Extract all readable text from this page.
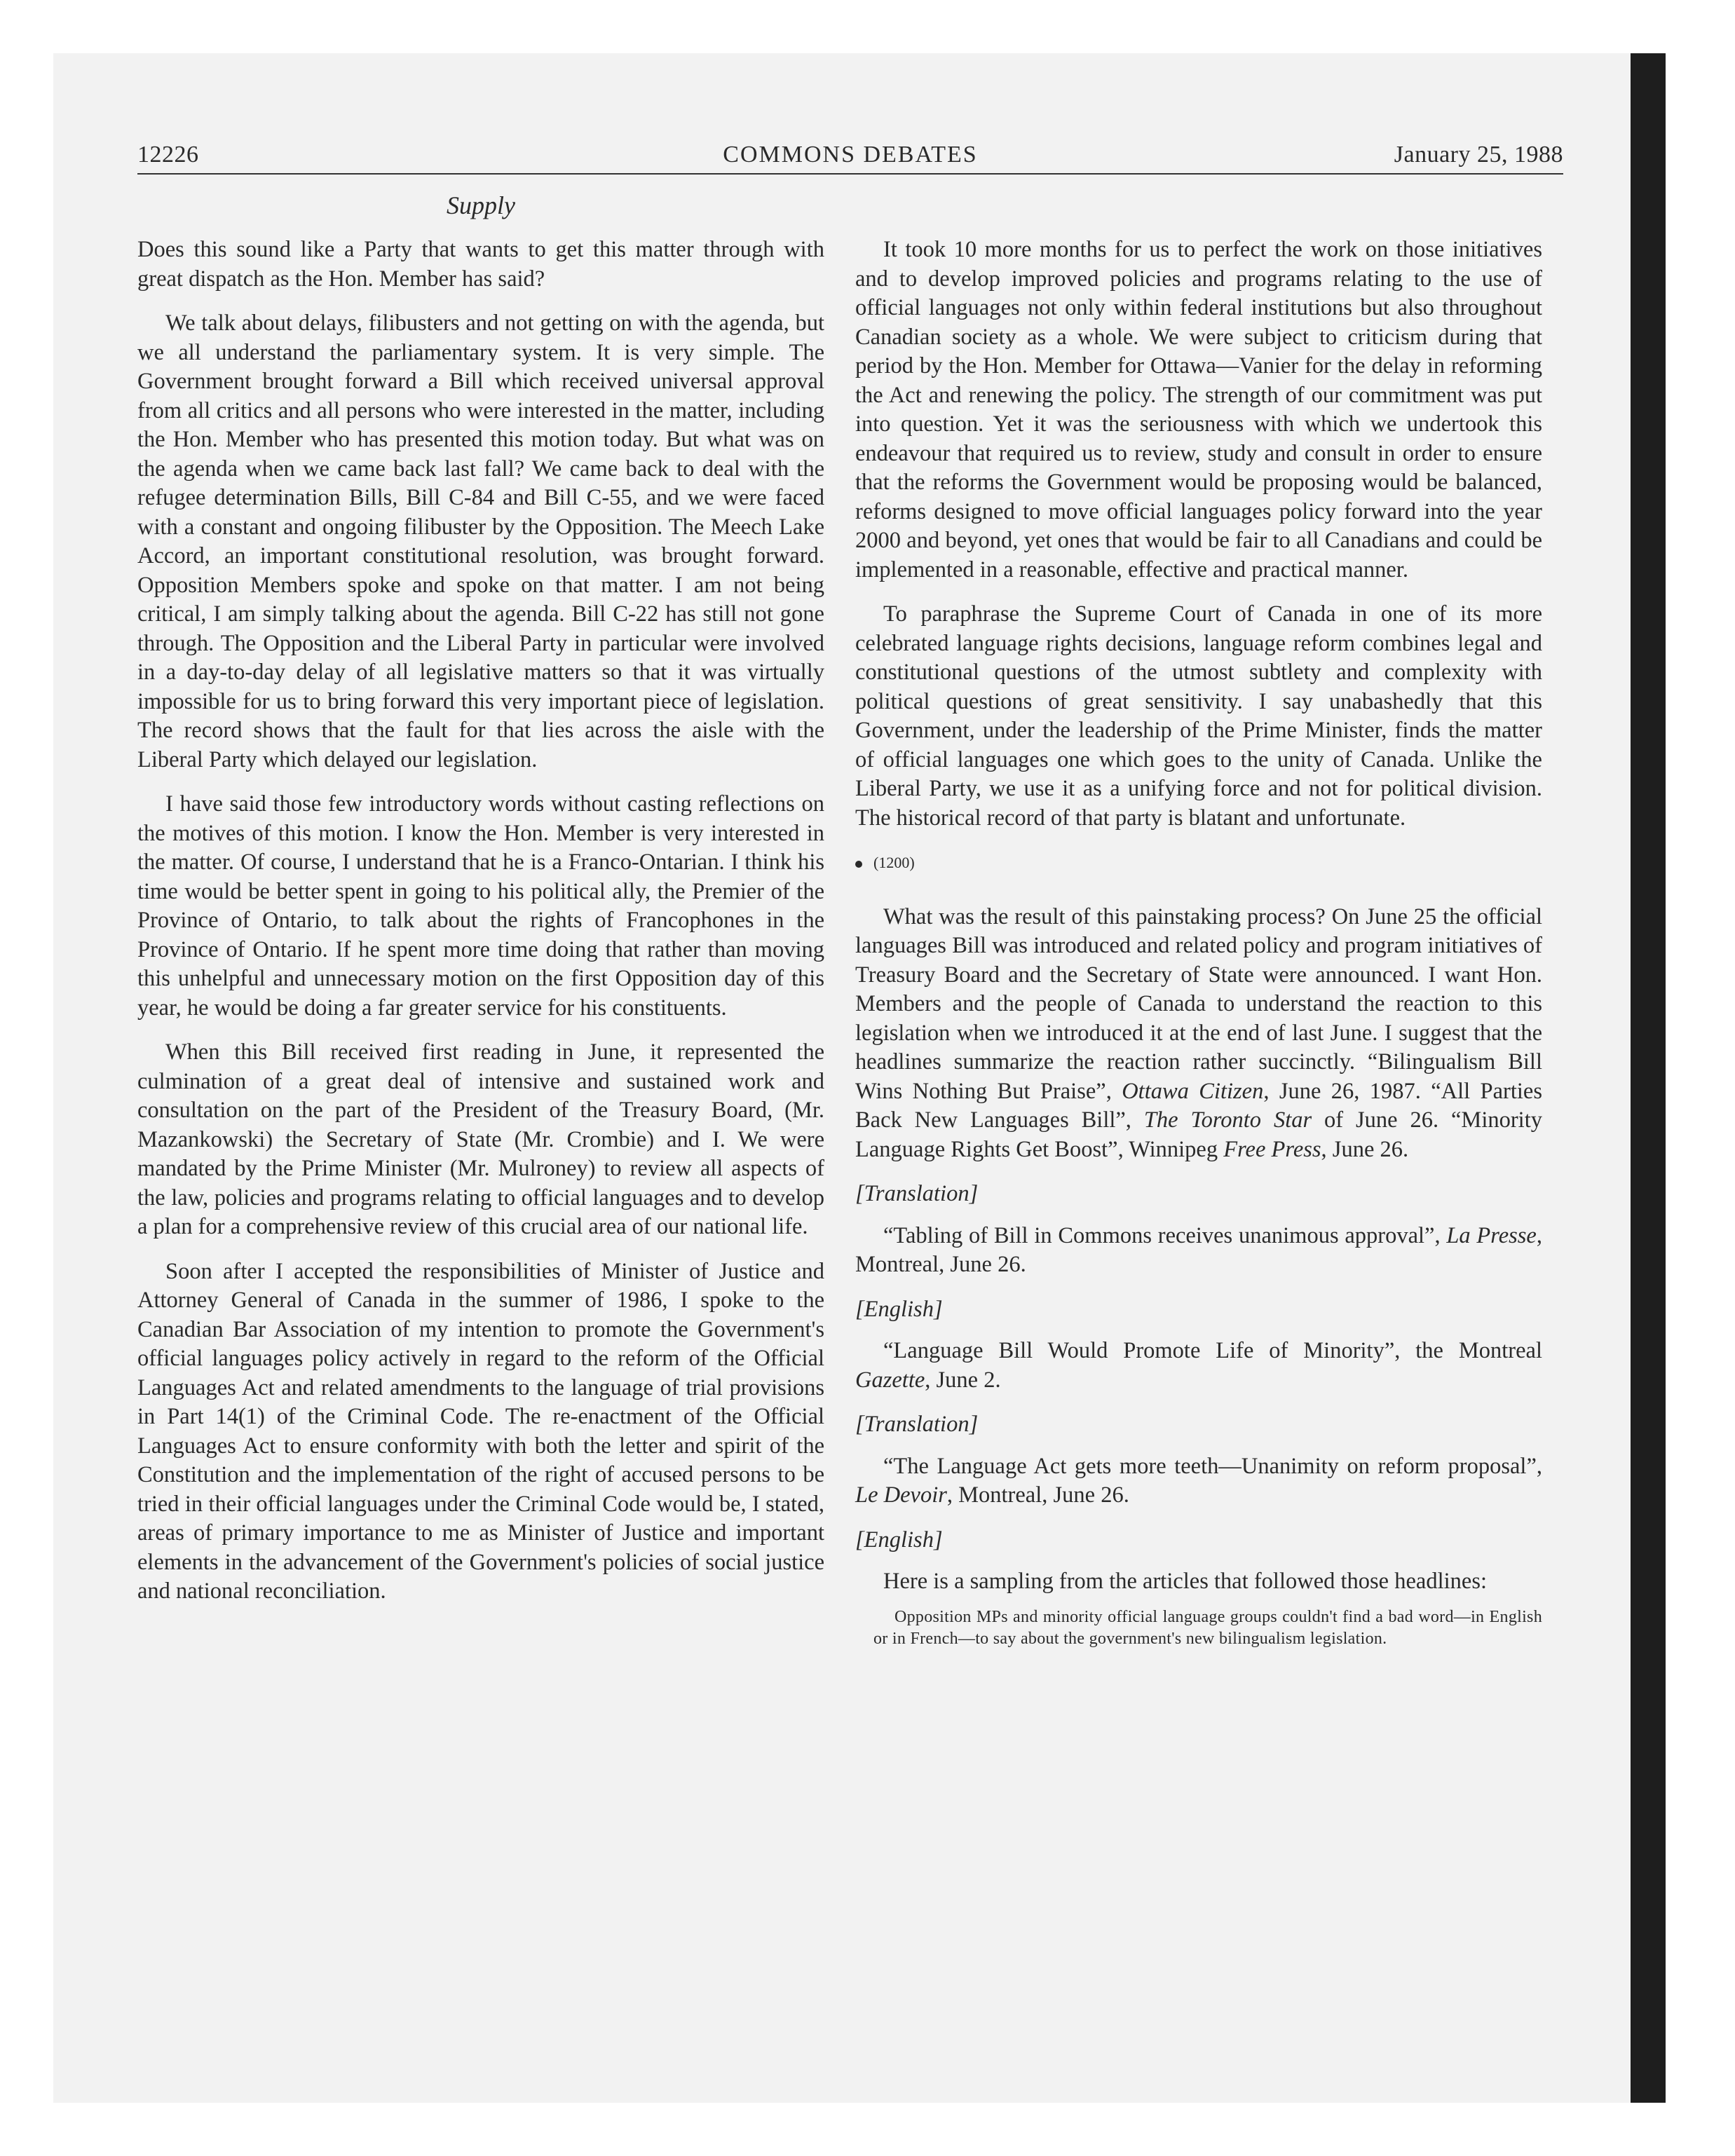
12226	COMMONS DEBATES	January 25, 1988
Supply

Does this sound like a Party that wants to get this matter through with great dispatch as the Hon. Member has said?

We talk about delays, filibusters and not getting on with the agenda, but we all understand the parliamentary system. It is very simple. The Government brought forward a Bill which received universal approval from all critics and all persons who were interested in the matter, including the Hon. Member who has presented this motion today. But what was on the agenda when we came back last fall? We came back to deal with the refugee determination Bills, Bill C-84 and Bill C-55, and we were faced with a constant and ongoing filibuster by the Opposition. The Meech Lake Accord, an important constitutional resolution, was brought forward. Opposition Members spoke and spoke on that matter. I am not being critical, I am simply talking about the agenda. Bill C-22 has still not gone through. The Opposition and the Liberal Party in particular were involved in a day-to-day delay of all legislative matters so that it was virtually impossible for us to bring forward this very important piece of legislation. The record shows that the fault for that lies across the aisle with the Liberal Party which delayed our legislation.

I have said those few introductory words without casting reflections on the motives of this motion. I know the Hon. Member is very interested in the matter. Of course, I understand that he is a Franco-Ontarian. I think his time would be better spent in going to his political ally, the Premier of the Province of Ontario, to talk about the rights of Francophones in the Province of Ontario. If he spent more time doing that rather than moving this unhelpful and unnecessary motion on the first Opposition day of this year, he would be doing a far greater service for his constituents.

When this Bill received first reading in June, it represented the culmination of a great deal of intensive and sustained work and consultation on the part of the President of the Treasury Board, (Mr. Mazankowski) the Secretary of State (Mr. Crombie) and I. We were mandated by the Prime Minister (Mr. Mulroney) to review all aspects of the law, policies and programs relating to official languages and to develop a plan for a comprehensive review of this crucial area of our national life.

Soon after I accepted the responsibilities of Minister of Justice and Attorney General of Canada in the summer of 1986, I spoke to the Canadian Bar Association of my intention to promote the Government's official languages policy actively in regard to the reform of the Official Languages Act and related amendments to the language of trial provisions in Part 14(1) of the Criminal Code. The re-enactment of the Official Languages Act to ensure conformity with both the letter and spirit of the Constitution and the implementation of the right of accused persons to be tried in their official languages under the Criminal Code would be, I stated, areas of primary importance to me as Minister of Justice and important elements in the advancement of the Government's policies of social justice and national reconciliation.

It took 10 more months for us to perfect the work on those initiatives and to develop improved policies and programs relating to the use of official languages not only within federal institutions but also throughout Canadian society as a whole. We were subject to criticism during that period by the Hon. Member for Ottawa—Vanier for the delay in reforming the Act and renewing the policy. The strength of our commitment was put into question. Yet it was the seriousness with which we undertook this endeavour that required us to review, study and consult in order to ensure that the reforms the Government would be proposing would be balanced, reforms designed to move official languages policy forward into the year 2000 and beyond, yet ones that would be fair to all Canadians and could be implemented in a reasonable, effective and practical manner.

To paraphrase the Supreme Court of Canada in one of its more celebrated language rights decisions, language reform combines legal and constitutional questions of the utmost subtlety and complexity with political questions of great sensitivity. I say unabashedly that this Government, under the leadership of the Prime Minister, finds the matter of official languages one which goes to the unity of Canada. Unlike the Liberal Party, we use it as a unifying force and not for political division. The historical record of that party is blatant and unfortunate.

(1200)

What was the result of this painstaking process? On June 25 the official languages Bill was introduced and related policy and program initiatives of Treasury Board and the Secretary of State were announced. I want Hon. Members and the people of Canada to understand the reaction to this legislation when we introduced it at the end of last June. I suggest that the headlines summarize the reaction rather succinctly. “Bilingualism Bill Wins Nothing But Praise”, Ottawa Citizen, June 26, 1987. “All Parties Back New Languages Bill”, The Toronto Star of June 26. “Minority Language Rights Get Boost”, Winnipeg Free Press, June 26.

[Translation]

“Tabling of Bill in Commons receives unanimous approval”, La Presse, Montreal, June 26.

[English]

“Language Bill Would Promote Life of Minority”, the Montreal Gazette, June 2.

[Translation]

“The Language Act gets more teeth—Unanimity on reform proposal”, Le Devoir, Montreal, June 26.

[English]

Here is a sampling from the articles that followed those headlines:

Opposition MPs and minority official language groups couldn't find a bad word—in English or in French—to say about the government's new bilingualism legislation.
